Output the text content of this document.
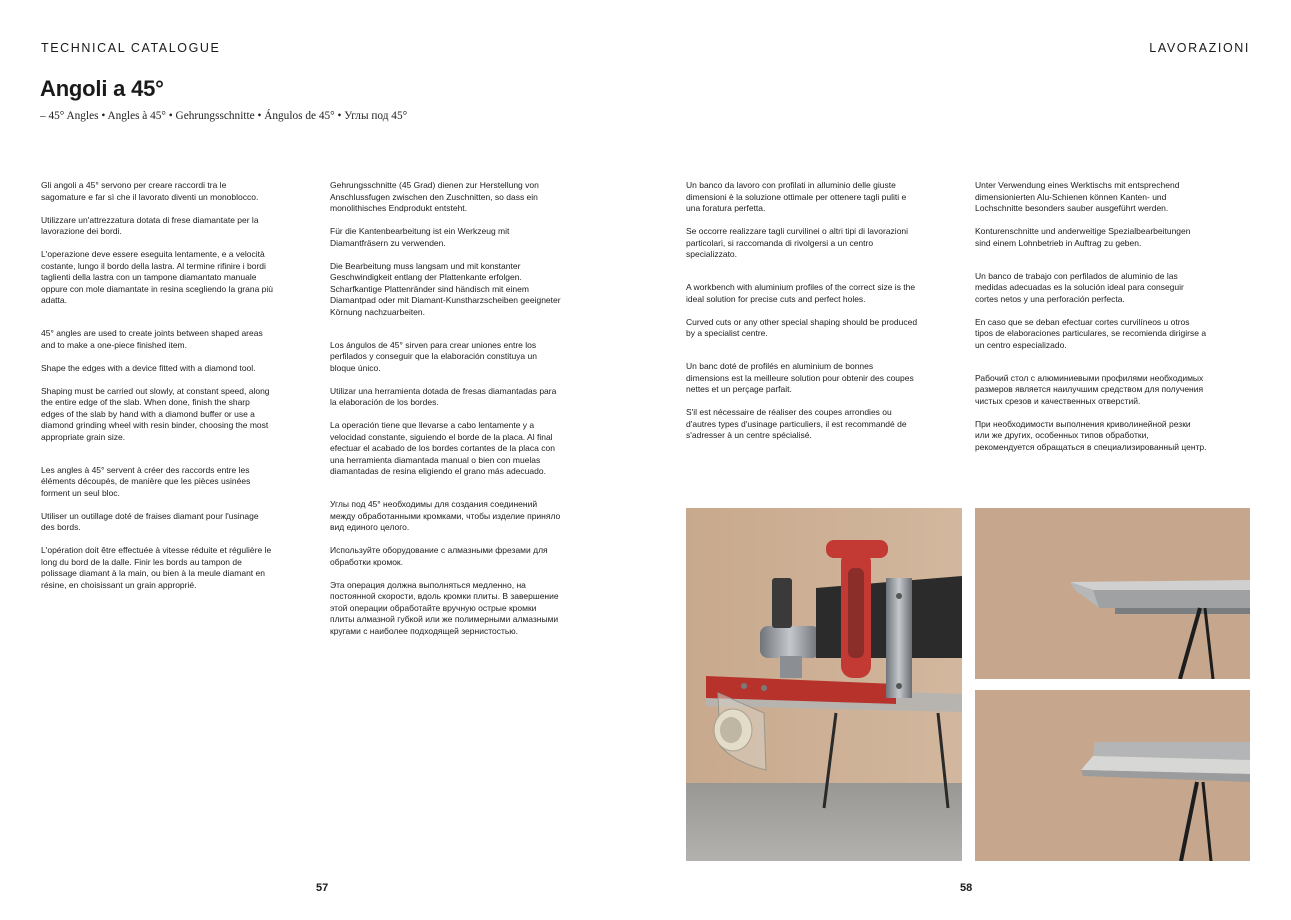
TECHNICAL CATALOGUE	LAVORAZIONI
Angoli a 45°
– 45° Angles • Angles à 45° • Gehrungsschnitte • Ángulos de 45° • Углы под 45°

Gli angoli a 45° servono per creare raccordi tra le sagomature e far sì che il lavorato diventi un monoblocco.

Utilizzare un'attrezzatura dotata di frese diamantate per la lavorazione dei bordi.

L'operazione deve essere eseguita lentamente, e a velocità costante, lungo il bordo della lastra. Al termine rifinire i bordi taglienti della lastra con un tampone diamantato manuale oppure con mole diamantate in resina scegliendo la grana più adatta.

45° angles are used to create joints between shaped areas and to make a one-piece finished item.

Shape the edges with a device fitted with a diamond tool.

Shaping must be carried out slowly, at constant speed, along the entire edge of the slab. When done, finish the sharp edges of the slab by hand with a diamond buffer or use a diamond grinding wheel with resin binder, choosing the most appropriate grain size.

Les angles à 45° servent à créer des raccords entre les éléments découpés, de manière que les pièces usinées forment un seul bloc.

Utiliser un outillage doté de fraises diamant pour l'usinage des bords.

L'opération doit être effectuée à vitesse réduite et régulière le long du bord de la dalle. Finir les bords au tampon de polissage diamant à la main, ou bien à la meule diamant en résine, en choisissant un grain approprié.

Gehrungsschnitte (45 Grad) dienen zur Herstellung von Anschlussfugen zwischen den Zuschnitten, so dass ein monolithisches Endprodukt entsteht.

Für die Kantenbearbeitung ist ein Werkzeug mit Diamantfräsern zu verwenden.

Die Bearbeitung muss langsam und mit konstanter Geschwindigkeit entlang der Plattenkante erfolgen. Scharfkantige Plattenränder sind händisch mit einem Diamantpad oder mit Diamant-Kunstharzscheiben geeigneter Körnung nachzuarbeiten.

Los ángulos de 45° sirven para crear uniones entre los perfilados y conseguir que la elaboración constituya un bloque único.

Utilizar una herramienta dotada de fresas diamantadas para la elaboración de los bordes.

La operación tiene que llevarse a cabo lentamente y a velocidad constante, siguiendo el borde de la placa. Al final efectuar el acabado de los bordes cortantes de la placa con una herramienta diamantada manual o bien con muelas diamantadas de resina eligiendo el grano más adecuado.

Углы под 45° необходимы для создания соединений между обработанными кромками, чтобы изделие приняло вид единого целого.

Используйте оборудование с алмазными фрезами для обработки кромок.

Эта операция должна выполняться медленно, на постоянной скорости, вдоль кромки плиты. В завершение этой операции обработайте вручную острые кромки плиты алмазной губкой или же полимерными алмазными кругами с наиболее подходящей зернистостью.

Un banco da lavoro con profilati in alluminio delle giuste dimensioni è la soluzione ottimale per ottenere tagli puliti e una foratura perfetta.

Se occorre realizzare tagli curvilinei o altri tipi di lavorazioni particolari, si raccomanda di rivolgersi a un centro specializzato.

A workbench with aluminium profiles of the correct size is the ideal solution for precise cuts and perfect holes.

Curved cuts or any other special shaping should be produced by a specialist centre.

Un banc doté de profilés en aluminium de bonnes dimensions est la meilleure solution pour obtenir des coupes nettes et un perçage parfait.

S'il est nécessaire de réaliser des coupes arrondies ou d'autres types d'usinage particuliers, il est recommandé de s'adresser à un centre spécialisé.

Unter Verwendung eines Werktischs mit entsprechend dimensionierten Alu-Schienen können Kanten- und Lochschnitte besonders sauber ausgeführt werden.

Konturenschnitte und anderweitige Spezialbearbeitungen sind einem Lohnbetrieb in Auftrag zu geben.

Un banco de trabajo con perfilados de aluminio de las medidas adecuadas es la solución ideal para conseguir cortes netos y una perforación perfecta.

En caso que se deban efectuar cortes curvilíneos u otros tipos de elaboraciones particulares, se recomienda dirigirse a un centro especializado.

Рабочий стол с алюминиевыми профилями необходимых размеров является наилучшим средством для получения чистых срезов и качественных отверстий.

При необходимости выполнения криволинейной резки или же других, особенных типов обработки, рекомендуется обращаться в специализированный центр.

57	58
